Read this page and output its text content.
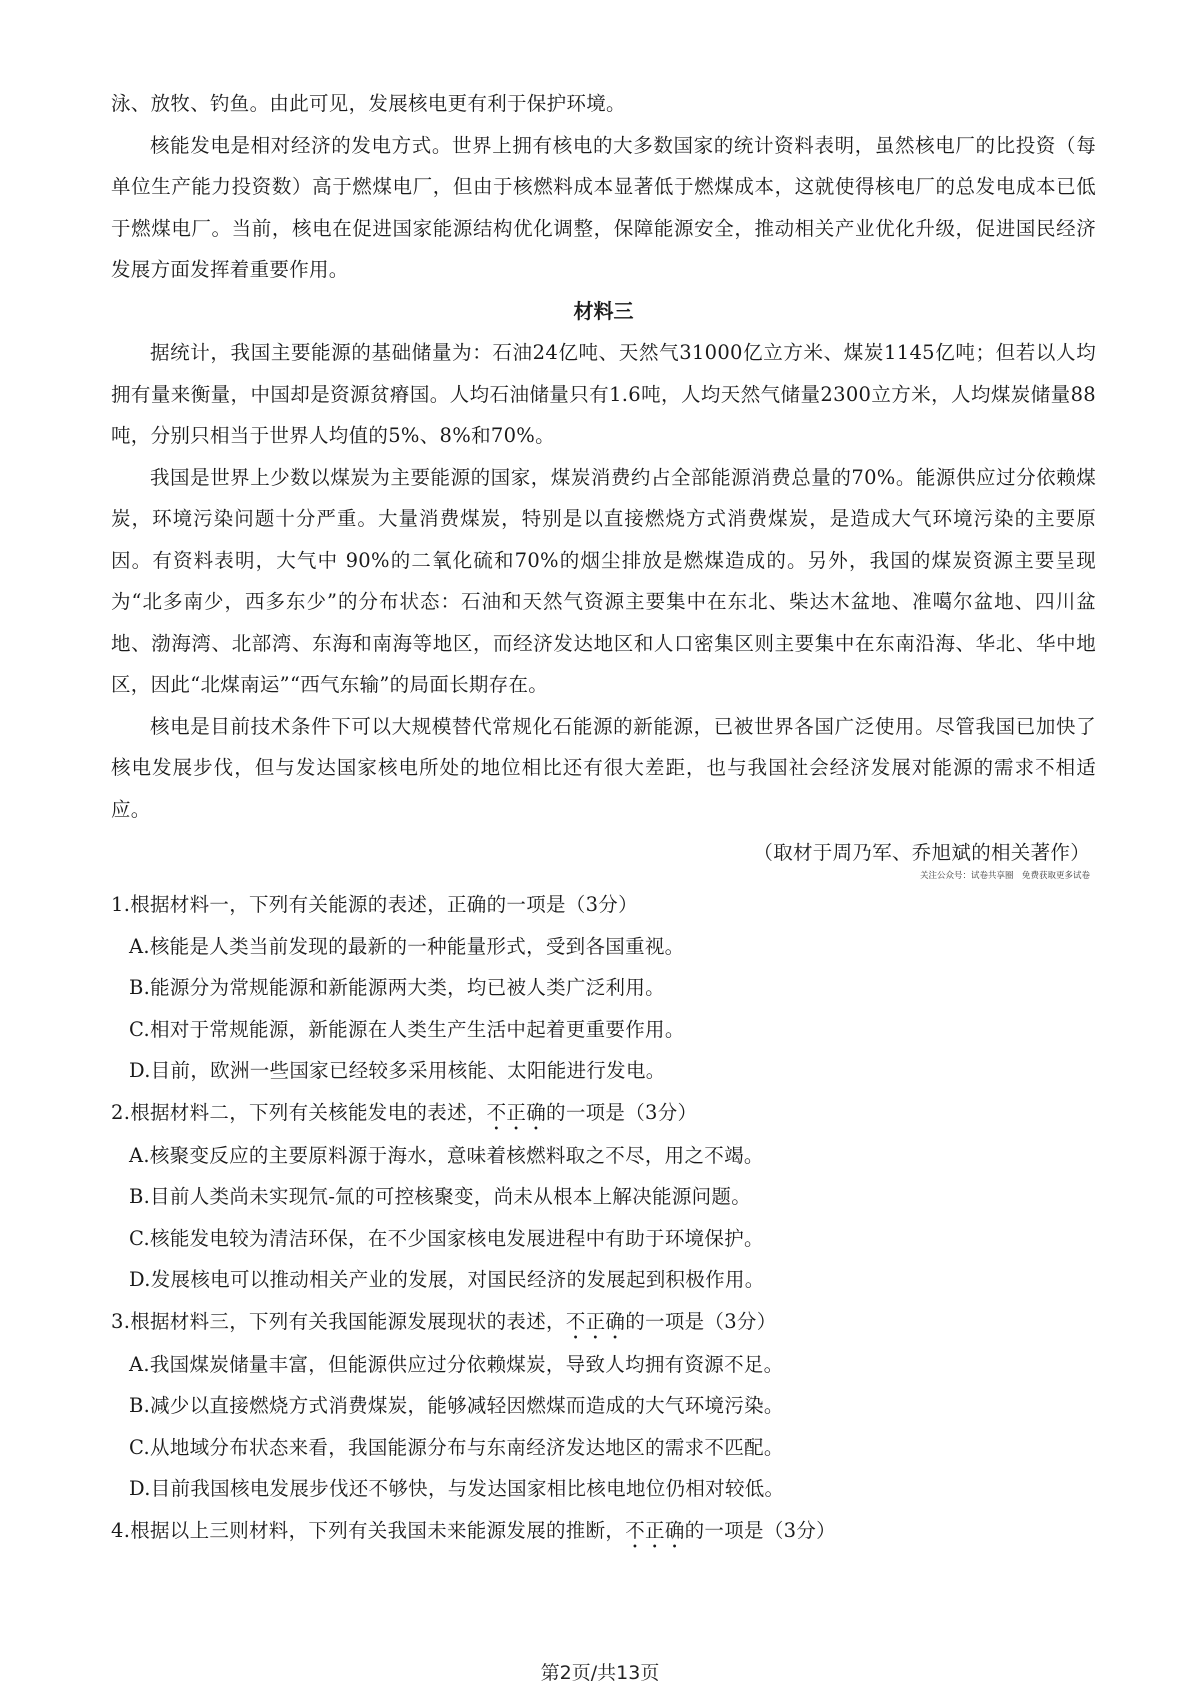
泳、放牧、钓鱼。由此可见，发展核电更有利于保护环境。

核能发电是相对经济的发电方式。世界上拥有核电的大多数国家的统计资料表明，虽然核电厂的比投资（每单位生产能力投资数）高于燃煤电厂，但由于核燃料成本显著低于燃煤成本，这就使得核电厂的总发电成本已低于燃煤电厂。当前，核电在促进国家能源结构优化调整，保障能源安全，推动相关产业优化升级，促进国民经济发展方面发挥着重要作用。

材料三

据统计，我国主要能源的基础储量为：石油24亿吨、天然气31000亿立方米、煤炭1145亿吨；但若以人均拥有量来衡量，中国却是资源贫瘠国。人均石油储量只有1.6吨，人均天然气储量2300立方米，人均煤炭储量88吨，分别只相当于世界人均值的5%、8%和70%。

我国是世界上少数以煤炭为主要能源的国家，煤炭消费约占全部能源消费总量的70%。能源供应过分依赖煤炭，环境污染问题十分严重。大量消费煤炭，特别是以直接燃烧方式消费煤炭，是造成大气环境污染的主要原因。有资料表明，大气中 90%的二氧化硫和70%的烟尘排放是燃煤造成的。另外，我国的煤炭资源主要呈现为“北多南少，西多东少”的分布状态：石油和天然气资源主要集中在东北、柴达木盆地、准噶尔盆地、四川盆地、渤海湾、北部湾、东海和南海等地区，而经济发达地区和人口密集区则主要集中在东南沿海、华北、华中地区，因此“北煤南运”“西气东输”的局面长期存在。

核电是目前技术条件下可以大规模替代常规化石能源的新能源，已被世界各国广泛使用。尽管我国已加快了核电发展步伐，但与发达国家核电所处的地位相比还有很大差距，也与我国社会经济发展对能源的需求不相适应。

（取材于周乃军、乔旭斌的相关著作）

关注公众号：试卷共享圈　免费获取更多试卷

1.根据材料一，下列有关能源的表述，正确的一项是（3分）

A.核能是人类当前发现的最新的一种能量形式，受到各国重视。

B.能源分为常规能源和新能源两大类，均已被人类广泛利用。

C.相对于常规能源，新能源在人类生产生活中起着更重要作用。

D.目前，欧洲一些国家已经较多采用核能、太阳能进行发电。

2.根据材料二，下列有关核能发电的表述，不正确的一项是（3分）

A.核聚变反应的主要原料源于海水，意味着核燃料取之不尽，用之不竭。

B.目前人类尚未实现氘-氚的可控核聚变，尚未从根本上解决能源问题。

C.核能发电较为清洁环保，在不少国家核电发展进程中有助于环境保护。

D.发展核电可以推动相关产业的发展，对国民经济的发展起到积极作用。

3.根据材料三，下列有关我国能源发展现状的表述，不正确的一项是（3分）

A.我国煤炭储量丰富，但能源供应过分依赖煤炭，导致人均拥有资源不足。

B.减少以直接燃烧方式消费煤炭，能够减轻因燃煤而造成的大气环境污染。

C.从地域分布状态来看，我国能源分布与东南经济发达地区的需求不匹配。

D.目前我国核电发展步伐还不够快，与发达国家相比核电地位仍相对较低。

4.根据以上三则材料，下列有关我国未来能源发展的推断，不正确的一项是（3分）

第2页/共13页
